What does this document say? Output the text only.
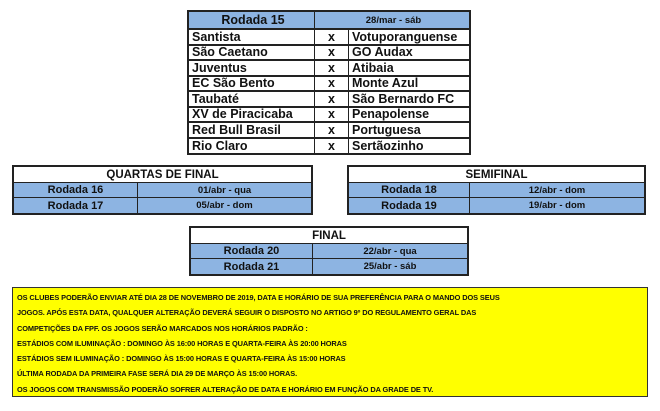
Rodada 15	28/mar - sáb
Santista	x	Votuporanguense
São Caetano	x	GO Audax
Juventus	x	Atibaia
EC São Bento	x	Monte Azul
Taubaté	x	São Bernardo FC
XV de Piracicaba	x	Penapolense
Red Bull Brasil	x	Portuguesa
Rio Claro	x	Sertãozinho
QUARTAS DE FINAL
Rodada 16	01/abr - qua
Rodada 17	05/abr - dom
SEMIFINAL
Rodada 18	12/abr - dom
Rodada 19	19/abr - dom
FINAL
Rodada 20	22/abr - qua
Rodada 21	25/abr - sáb
OS CLUBES PODERÃO ENVIAR ATÉ DIA 28 DE NOVEMBRO DE 2019, DATA E HORÁRIO DE SUA PREFERÊNCIA PARA O MANDO DOS SEUS
JOGOS. APÓS ESTA DATA, QUALQUER ALTERAÇÃO DEVERÁ SEGUIR O DISPOSTO NO ARTIGO 9º DO REGULAMENTO GERAL DAS
COMPETIÇÕES DA FPF. OS JOGOS SERÃO MARCADOS NOS HORÁRIOS PADRÃO :
ESTÁDIOS COM ILUMINAÇÃO : DOMINGO ÀS 16:00 HORAS E QUARTA-FEIRA ÀS 20:00 HORAS
ESTÁDIOS SEM ILUMINAÇÃO : DOMINGO ÀS 15:00 HORAS E QUARTA-FEIRA ÀS 15:00 HORAS
ÚLTIMA RODADA DA PRIMEIRA FASE SERÁ DIA 29 DE MARÇO ÀS 15:00 HORAS.
OS JOGOS COM TRANSMISSÃO PODERÃO SOFRER ALTERAÇÃO DE DATA E HORÁRIO EM FUNÇÃO DA GRADE DE TV.
